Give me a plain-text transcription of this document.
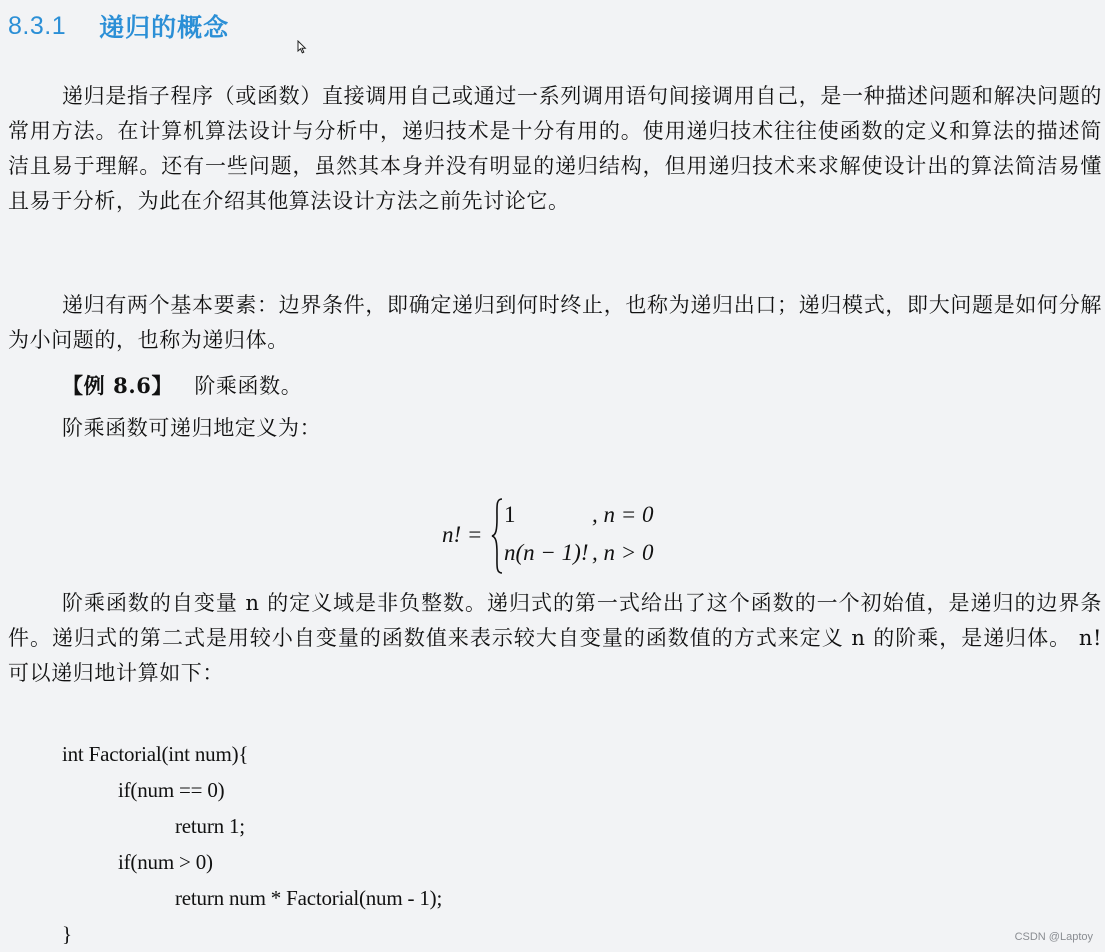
8.3.1 递归的概念

递归是指子程序（或函数）直接调用自己或通过一系列调用语句间接调用自己，是一种描述问题和解决问题的常用方法。在计算机算法设计与分析中，递归技术是十分有用的。使用递归技术往往使函数的定义和算法的描述简洁且易于理解。还有一些问题，虽然其本身并没有明显的递归结构，但用递归技术来求解使设计出的算法简洁易懂且易于分析，为此在介绍其他算法设计方法之前先讨论它。

递归有两个基本要素：边界条件，即确定递归到何时终止，也称为递归出口；递归模式，即大问题是如何分解为小问题的，也称为递归体。

【例 8.6】 阶乘函数。

阶乘函数可递归地定义为：

n! =
1	, n = 0
n(n − 1)! , n > 0

阶乘函数的自变量 n 的定义域是非负整数。递归式的第一式给出了这个函数的一个初始值，是递归的边界条件。递归式的第二式是用较小自变量的函数值来表示较大自变量的函数值的方式来定义 n 的阶乘，是递归体。 n! 可以递归地计算如下：

int Factorial(int num){
if(num == 0)
return 1;
if(num > 0)
return num * Factorial(num - 1);
}	CSDN @Laptoy
